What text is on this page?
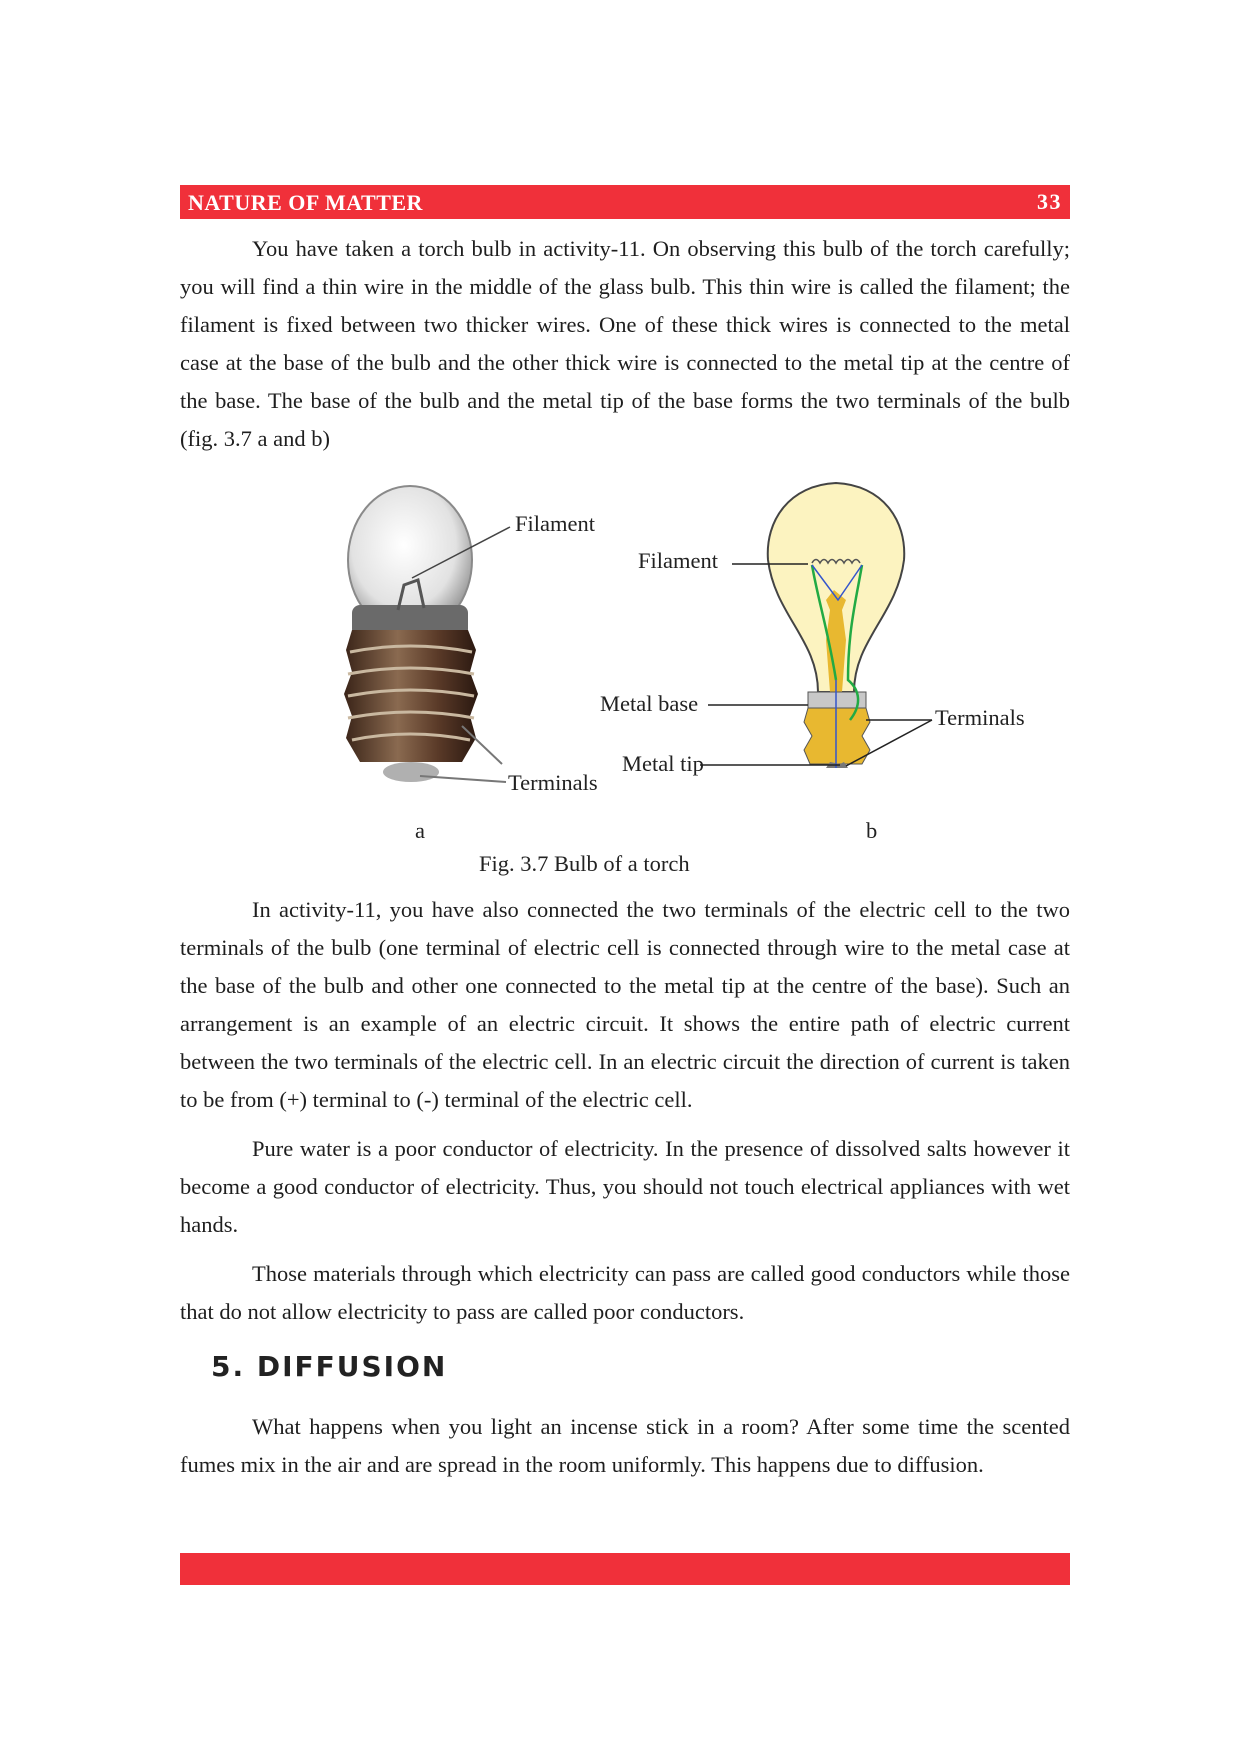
NATURE OF MATTER	33

You have taken a torch bulb in activity-11. On observing this bulb of the torch carefully; you will find a thin wire in the middle of the glass bulb. This thin wire is called the filament; the filament is fixed between two thicker wires. One of these thick wires is connected to the metal case at the base of the bulb and the other thick wire is connected to the metal tip at the centre of the base. The base of the bulb and the metal tip of the base forms the two terminals of the bulb (fig. 3.7 a and b)

Filament
Filament
Metal base
Metal tip
Terminals
Terminals
a	b
Fig. 3.7 Bulb of a torch

In activity-11, you have also connected the two terminals of the electric cell to the two terminals of the bulb (one terminal of electric cell is connected through wire to the metal case at the base of the bulb and other one connected to the metal tip at the centre of the base). Such an arrangement is an example of an electric circuit. It shows the entire path of electric current between the two terminals of the electric cell. In an electric circuit the direction of current is taken to be from (+) terminal to (-) terminal of the electric cell.

Pure water is a poor conductor of electricity. In the presence of dissolved salts however it become a good conductor of electricity. Thus, you should not touch electrical appliances with wet hands.

Those materials through which electricity can pass are called good conductors while those that do not allow electricity to pass are called poor conductors.

5. DIFFUSION

What happens when you light an incense stick in a room? After some time the scented fumes mix in the air and are spread in the room uniformly. This happens due to diffusion.
